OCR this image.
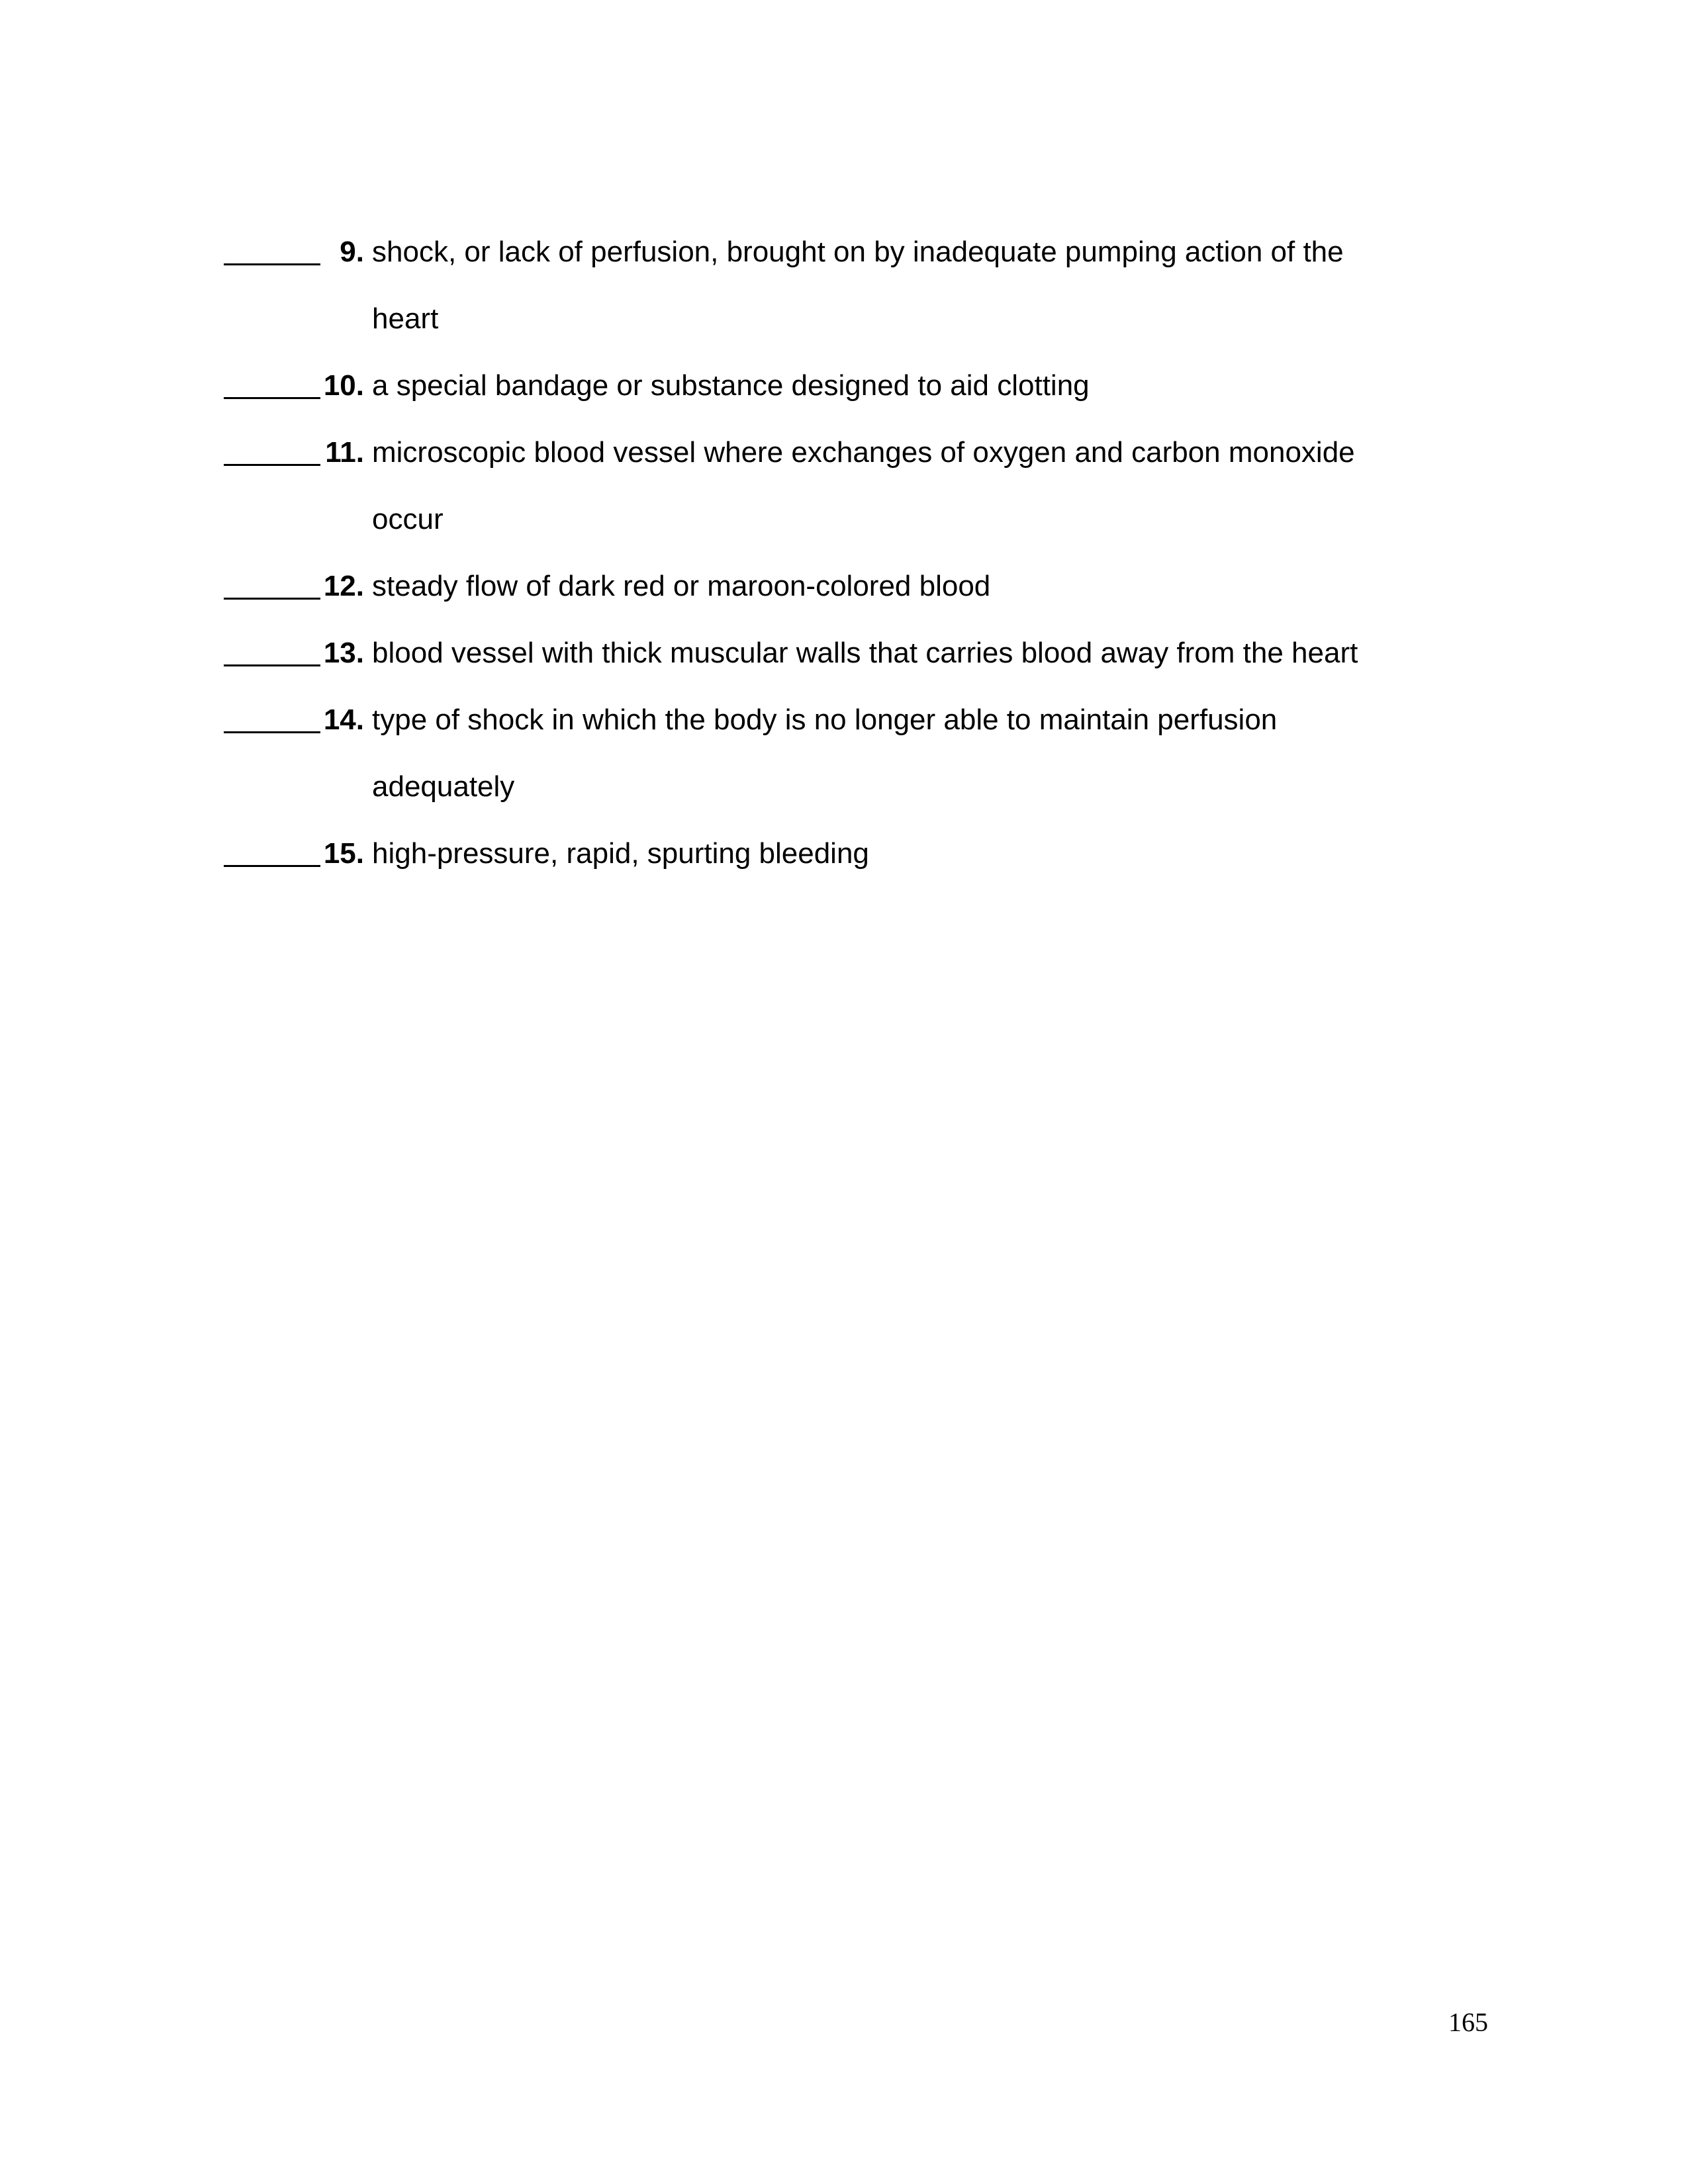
9. shock, or lack of perfusion, brought on by inadequate pumping action of the
heart
10. a special bandage or substance designed to aid clotting
11. microscopic blood vessel where exchanges of oxygen and carbon monoxide
occur
12. steady flow of dark red or maroon-colored blood
13. blood vessel with thick muscular walls that carries blood away from the heart
14. type of shock in which the body is no longer able to maintain perfusion
adequately
15. high-pressure, rapid, spurting bleeding
165
